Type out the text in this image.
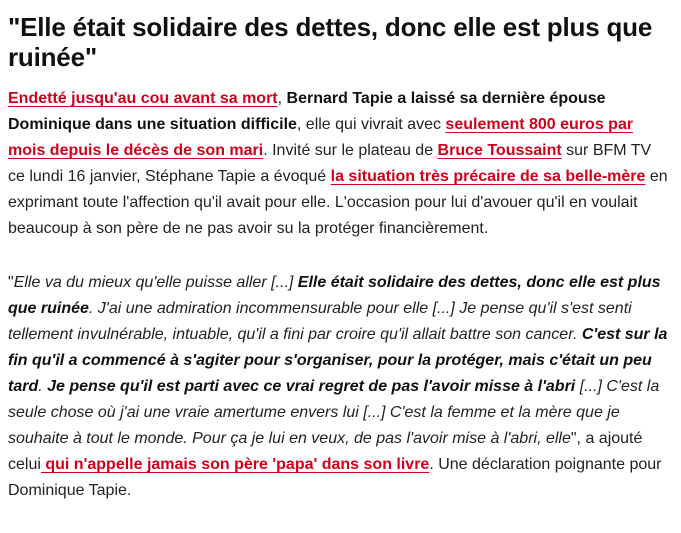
"Elle était solidaire des dettes, donc elle est plus que ruinée"

Endetté jusqu'au cou avant sa mort, Bernard Tapie a laissé sa dernière épouse Dominique dans une situation difficile, elle qui vivrait avec seulement 800 euros par mois depuis le décès de son mari. Invité sur le plateau de Bruce Toussaint sur BFM TV ce lundi 16 janvier, Stéphane Tapie a évoqué la situation très précaire de sa belle-mère en exprimant toute l'affection qu'il avait pour elle. L'occasion pour lui d'avouer qu'il en voulait beaucoup à son père de ne pas avoir su la protéger financièrement.

"Elle va du mieux qu'elle puisse aller [...] Elle était solidaire des dettes, donc elle est plus que ruinée. J'ai une admiration incommensurable pour elle [...] Je pense qu'il s'est senti tellement invulnérable, intuable, qu'il a fini par croire qu'il allait battre son cancer. C'est sur la fin qu'il a commencé à s'agiter pour s'organiser, pour la protéger, mais c'était un peu tard. Je pense qu'il est parti avec ce vrai regret de pas l'avoir misse à l'abri [...] C'est la seule chose où j'ai une vraie amertume envers lui [...] C'est la femme et la mère que je souhaite à tout le monde. Pour ça je lui en veux, de pas l'avoir mise à l'abri, elle", a ajouté celui qui n'appelle jamais son père 'papa' dans son livre. Une déclaration poignante pour Dominique Tapie.
